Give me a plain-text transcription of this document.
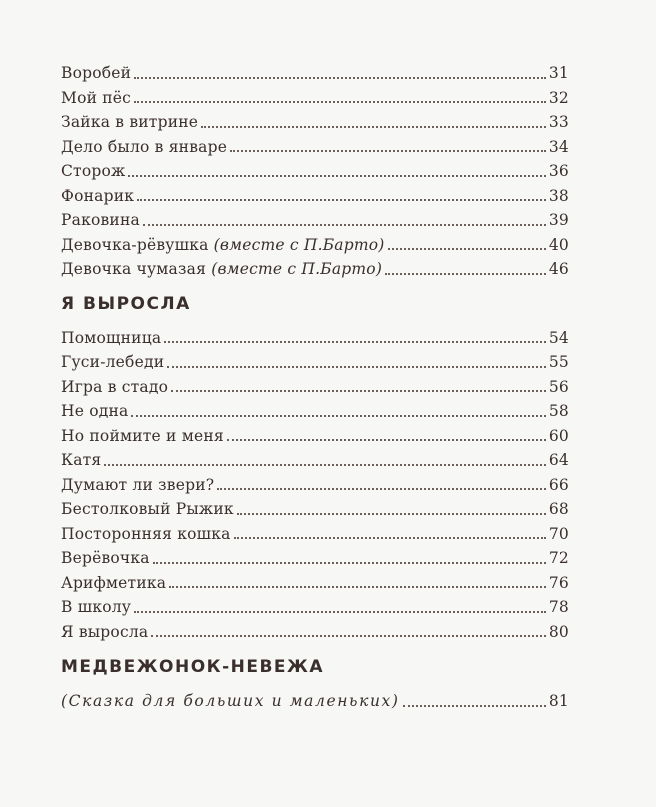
Воробей	31
Мой пёс	32
Зайка в витрине	33
Дело было в январе	34
Сторож	36
Фонарик	38
Раковина	39
Девочка-рёвушка (вместе с П.Барто)	40
Девочка чумазая (вместе с П.Барто)	46
Я ВЫРОСЛА
Помощница	54
Гуси-лебеди	55
Игра в стадо	56
Не одна	58
Но поймите и меня	60
Катя	64
Думают ли звери?	66
Бестолковый Рыжик	68
Посторонняя кошка	70
Верёвочка	72
Арифметика	76
В школу	78
Я выросла	80
МЕДВЕЖОНОК-НЕВЕЖА
(Сказка для больших и маленьких)	81
